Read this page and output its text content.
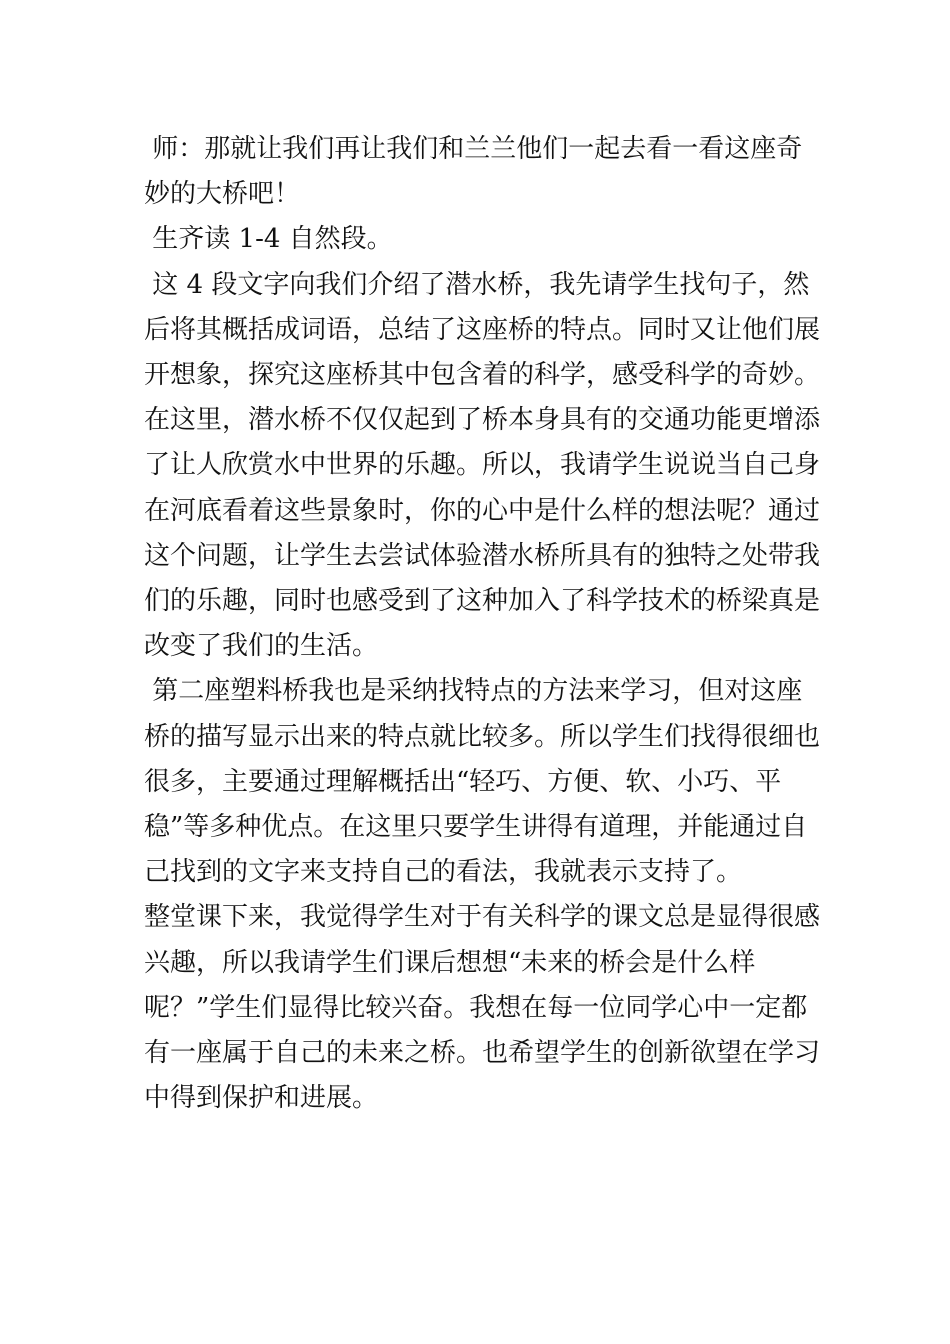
师：那就让我们再让我们和兰兰他们一起去看一看这座奇妙的大桥吧！

生齐读 1-4 自然段。

这 4 段文字向我们介绍了潜水桥，我先请学生找句子，然后将其概括成词语，总结了这座桥的特点。同时又让他们展开想象，探究这座桥其中包含着的科学，感受科学的奇妙。在这里，潜水桥不仅仅起到了桥本身具有的交通功能更增添了让人欣赏水中世界的乐趣。所以，我请学生说说当自己身在河底看着这些景象时，你的心中是什么样的想法呢？通过这个问题，让学生去尝试体验潜水桥所具有的独特之处带我们的乐趣，同时也感受到了这种加入了科学技术的桥梁真是改变了我们的生活。

第二座塑料桥我也是采纳找特点的方法来学习，但对这座桥的描写显示出来的特点就比较多。所以学生们找得很细也很多，主要通过理解概括出“轻巧、方便、软、小巧、平稳”等多种优点。在这里只要学生讲得有道理，并能通过自己找到的文字来支持自己的看法，我就表示支持了。

整堂课下来，我觉得学生对于有关科学的课文总是显得很感兴趣，所以我请学生们课后想想“未来的桥会是什么样呢？”学生们显得比较兴奋。我想在每一位同学心中一定都有一座属于自己的未来之桥。也希望学生的创新欲望在学习中得到保护和进展。
